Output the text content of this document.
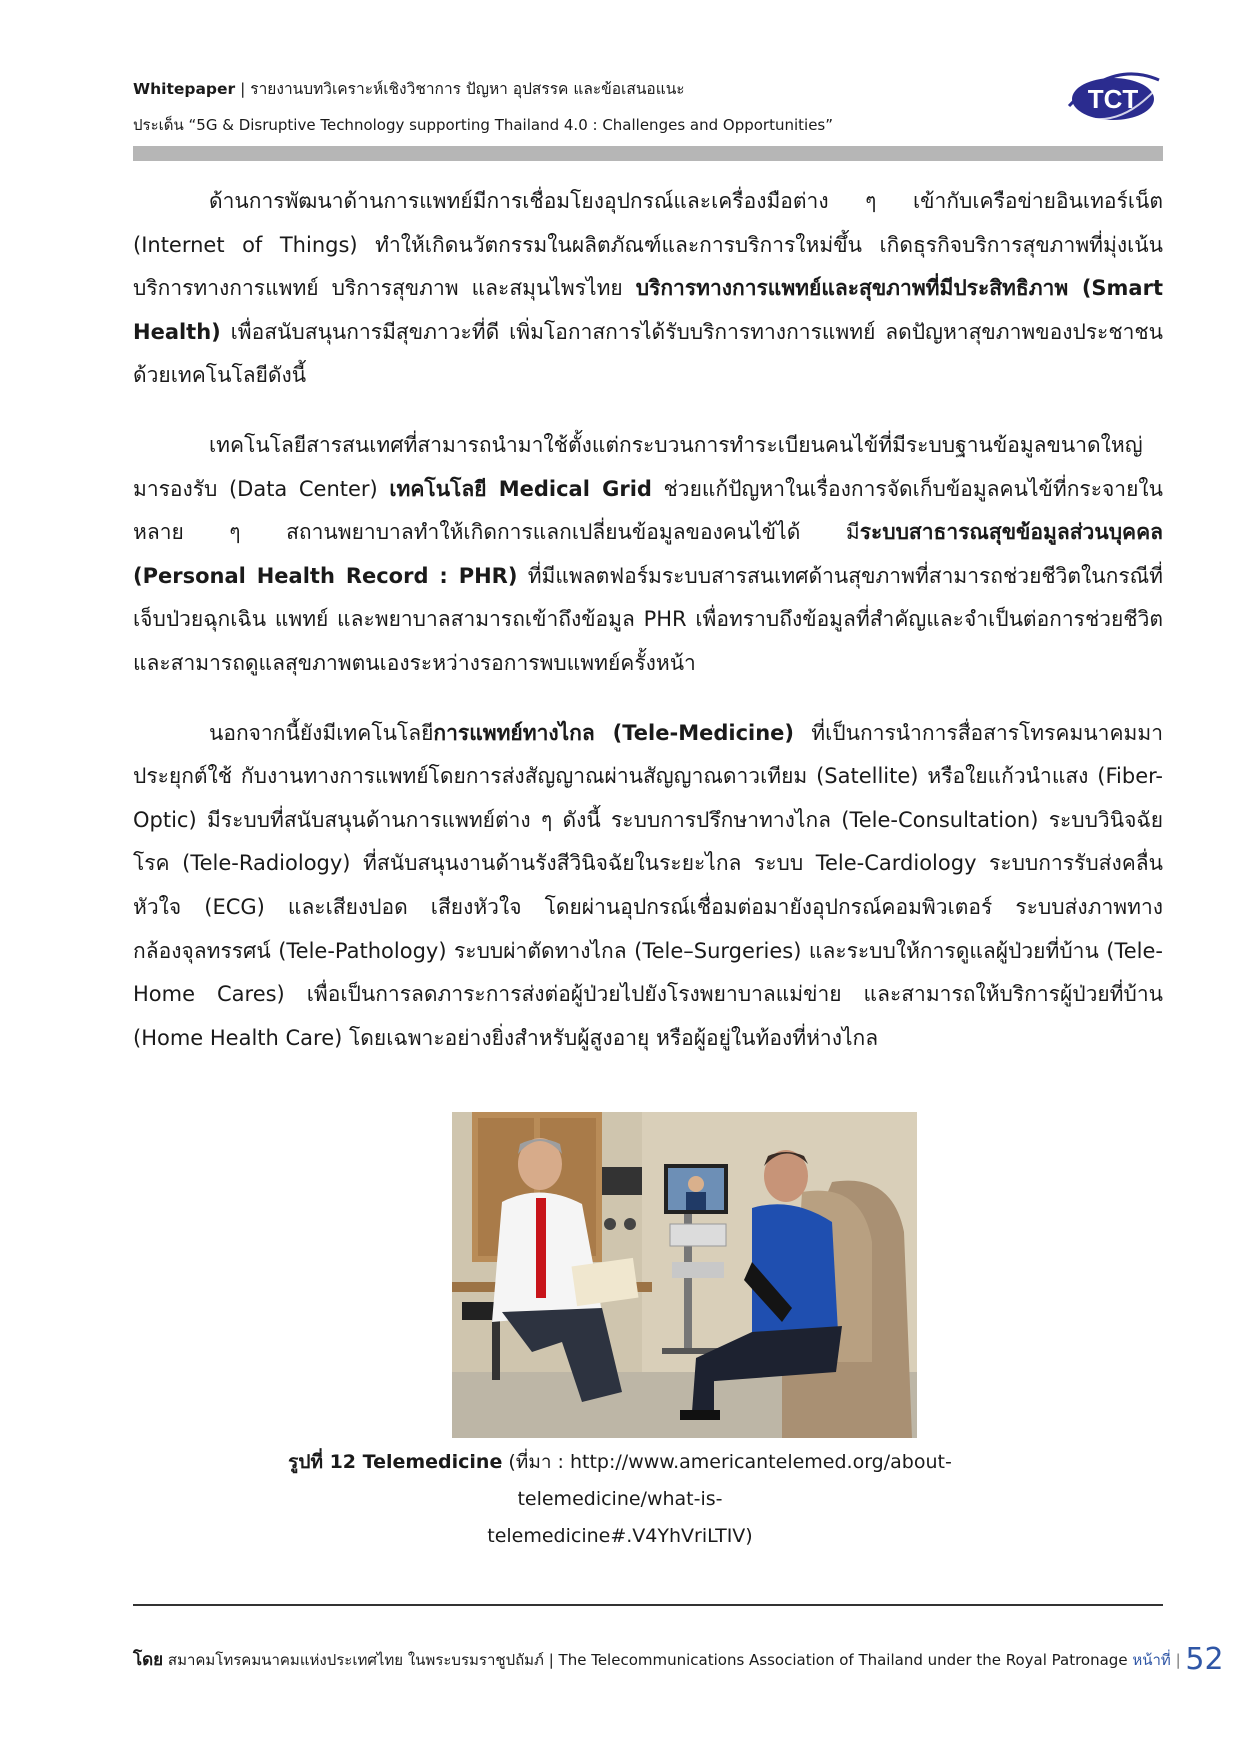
Whitepaper | รายงานบทวิเคราะห์เชิงวิชาการ ปัญหา อุปสรรค และข้อเสนอแนะ
ประเด็น “5G & Disruptive Technology supporting Thailand 4.0 : Challenges and Opportunities”
TCT

ด้านการพัฒนาด้านการแพทย์มีการเชื่อมโยงอุปกรณ์และเครื่องมือต่าง ๆ เข้ากับเครือข่ายอินเทอร์เน็ต (Internet of Things) ทำให้เกิดนวัตกรรมในผลิตภัณฑ์และการบริการใหม่ขึ้น เกิดธุรกิจบริการสุขภาพที่มุ่งเน้นบริการทางการแพทย์ บริการสุขภาพ และสมุนไพรไทย บริการทางการแพทย์และสุขภาพที่มีประสิทธิภาพ (Smart Health) เพื่อสนับสนุนการมีสุขภาวะที่ดี เพิ่มโอกาสการได้รับบริการทางการแพทย์ ลดปัญหาสุขภาพของประชาชนด้วยเทคโนโลยีดังนี้

เทคโนโลยีสารสนเทศที่สามารถนำมาใช้ตั้งแต่กระบวนการทำระเบียนคนไข้ที่มีระบบฐานข้อมูลขนาดใหญ่มารองรับ (Data Center) เทคโนโลยี Medical Grid ช่วยแก้ปัญหาในเรื่องการจัดเก็บข้อมูลคนไข้ที่กระจายในหลาย ๆ สถานพยาบาลทำให้เกิดการแลกเปลี่ยนข้อมูลของคนไข้ได้ มีระบบสาธารณสุขข้อมูลส่วนบุคคล (Personal Health Record : PHR) ที่มีแพลตฟอร์มระบบสารสนเทศด้านสุขภาพที่สามารถช่วยชีวิตในกรณีที่เจ็บป่วยฉุกเฉิน แพทย์ และพยาบาลสามารถเข้าถึงข้อมูล PHR เพื่อทราบถึงข้อมูลที่สำคัญและจำเป็นต่อการช่วยชีวิต และสามารถดูแลสุขภาพตนเองระหว่างรอการพบแพทย์ครั้งหน้า

นอกจากนี้ยังมีเทคโนโลยีการแพทย์ทางไกล (Tele-Medicine) ที่เป็นการนำการสื่อสารโทรคมนาคมมาประยุกต์ใช้ กับงานทางการแพทย์โดยการส่งสัญญาณผ่านสัญญาณดาวเทียม (Satellite) หรือใยแก้วนำแสง (Fiber-Optic) มีระบบที่สนับสนุนด้านการแพทย์ต่าง ๆ ดังนี้ ระบบการปรึกษาทางไกล (Tele-Consultation) ระบบวินิจฉัยโรค (Tele-Radiology) ที่สนับสนุนงานด้านรังสีวินิจฉัยในระยะไกล ระบบ Tele-Cardiology ระบบการรับส่งคลื่นหัวใจ (ECG) และเสียงปอด เสียงหัวใจ โดยผ่านอุปกรณ์เชื่อมต่อมายังอุปกรณ์คอมพิวเตอร์ ระบบส่งภาพทางกล้องจุลทรรศน์ (Tele-Pathology) ระบบผ่าตัดทางไกล (Tele–Surgeries) และระบบให้การดูแลผู้ป่วยที่บ้าน (Tele-Home Cares) เพื่อเป็นการลดภาระการส่งต่อผู้ป่วยไปยังโรงพยาบาลแม่ข่าย และสามารถให้บริการผู้ป่วยที่บ้าน (Home Health Care) โดยเฉพาะอย่างยิ่งสำหรับผู้สูงอายุ หรือผู้อยู่ในท้องที่ห่างไกล

รูปที่ 12 Telemedicine (ที่มา : http://www.americantelemed.org/about-telemedicine/what-is-
telemedicine#.V4YhVriLTIV)
โดย สมาคมโทรคมนาคมแห่งประเทศไทย ในพระบรมราชูปถัมภ์ | The Telecommunications Association of Thailand under the Royal Patronage หน้าที่ | 52
